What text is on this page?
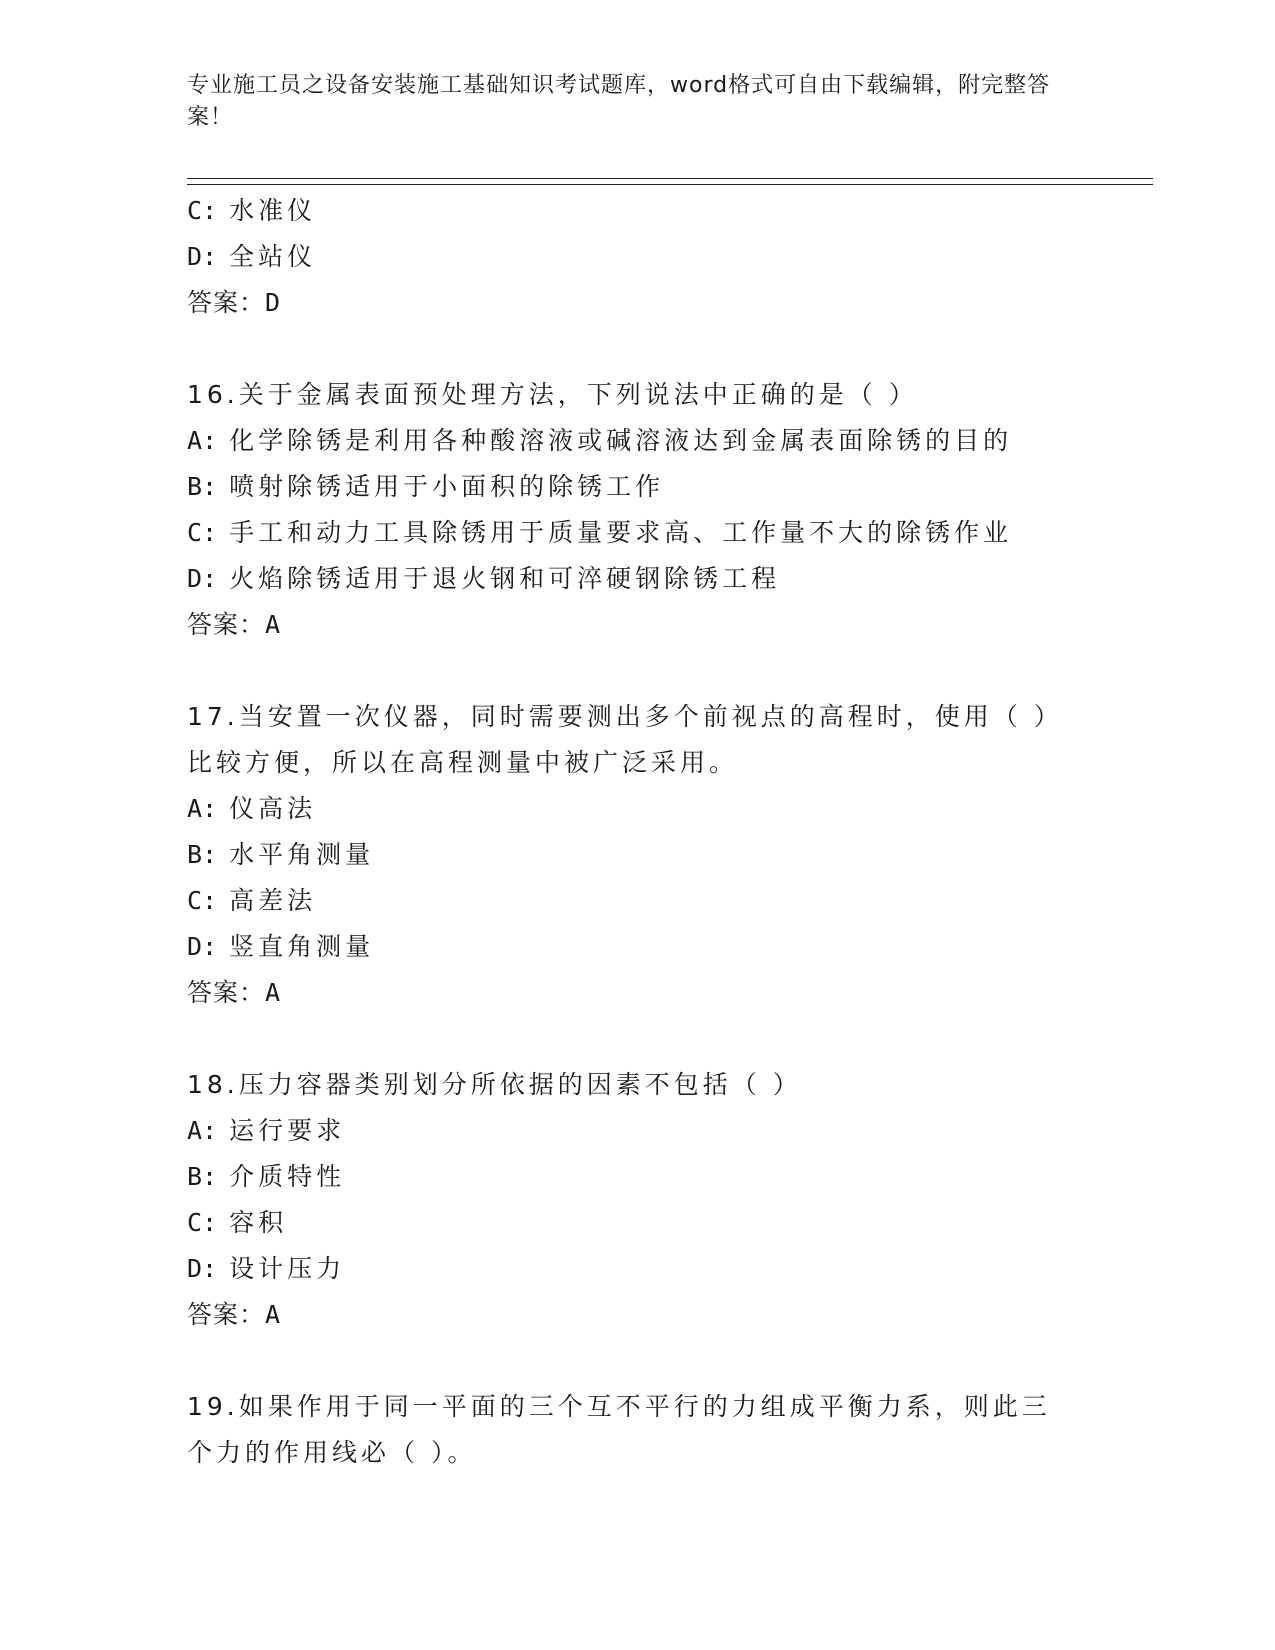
专业施工员之设备安装施工基础知识考试题库，word格式可自由下载编辑，附完整答案！
C: 水准仪
D: 全站仪
答案：D
16.关于金属表面预处理方法，下列说法中正确的是（ ）
A: 化学除锈是利用各种酸溶液或碱溶液达到金属表面除锈的目的
B: 喷射除锈适用于小面积的除锈工作
C: 手工和动力工具除锈用于质量要求高、工作量不大的除锈作业
D: 火焰除锈适用于退火钢和可淬硬钢除锈工程
答案：A
17.当安置一次仪器，同时需要测出多个前视点的高程时，使用（ ）比较方便，所以在高程测量中被广泛采用。
A: 仪高法
B: 水平角测量
C: 高差法
D: 竖直角测量
答案：A
18.压力容器类别划分所依据的因素不包括（ ）
A: 运行要求
B: 介质特性
C: 容积
D: 设计压力
答案：A
19.如果作用于同一平面的三个互不平行的力组成平衡力系，则此三个力的作用线必（ ）。
